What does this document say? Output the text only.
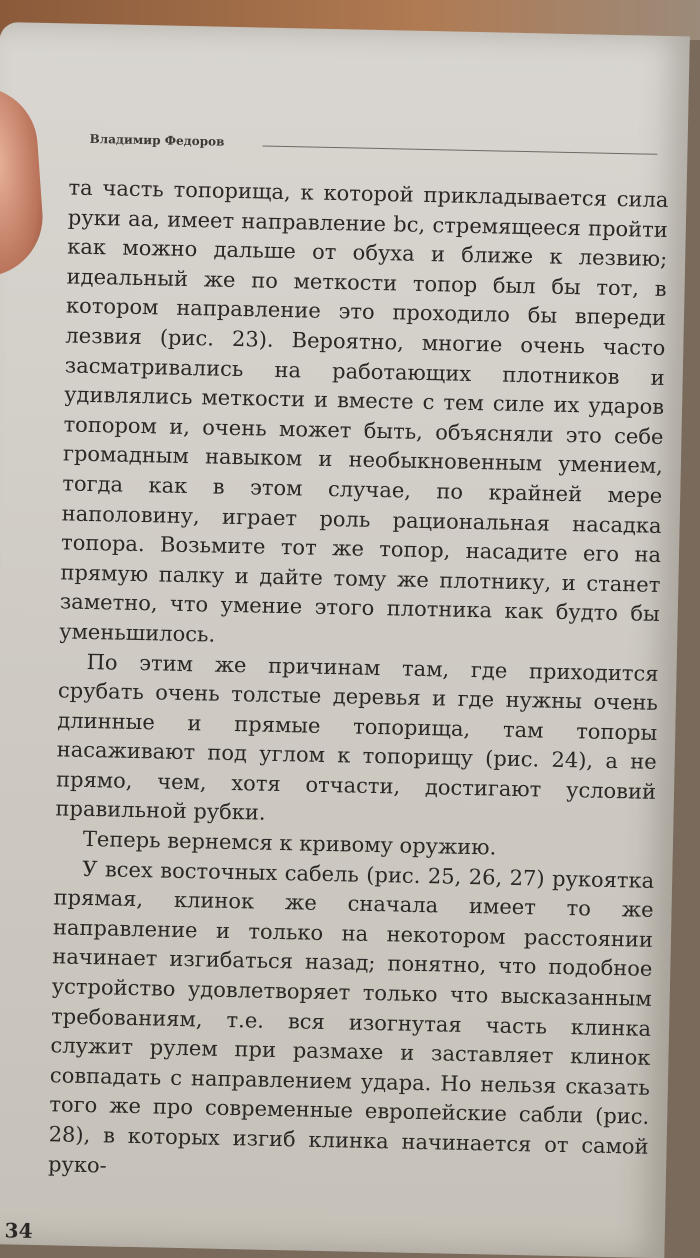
Владимир Федоров

та часть топорища, к которой прикладывается сила руки aa, имеет направление bc, стремящееся пройти как можно дальше от обуха и ближе к лезвию; идеальный же по меткости топор был бы тот, в котором направление это проходило бы впереди лезвия (рис. 23). Вероятно, многие очень часто засматривались на работающих плотников и удивлялись меткости и вместе с тем силе их ударов топором и, очень может быть, объясняли это себе громадным навыком и необыкновенным умением, тогда как в этом случае, по крайней мере наполовину, играет роль рациональная насадка топора. Возьмите тот же топор, насадите его на прямую палку и дайте тому же плотнику, и станет заметно, что умение этого плотника как будто бы уменьшилось.

По этим же причинам там, где приходится срубать очень толстые деревья и где нужны очень длинные и прямые топорища, там топоры насаживают под углом к топорищу (рис. 24), а не прямо, чем, хотя отчасти, достигают условий правильной рубки.

Теперь вернемся к кривому оружию.

У всех восточных сабель (рис. 25, 26, 27) рукоятка прямая, клинок же сначала имеет то же направление и только на некотором расстоянии начинает изгибаться назад; понятно, что подобное устройство удовлетворяет только что высказанным требованиям, т.е. вся изогнутая часть клинка служит рулем при размахе и заставляет клинок совпадать с направлением удара. Но нельзя сказать того же про современные европейские сабли (рис. 28), в которых изгиб клинка начинается от самой руко-

34
